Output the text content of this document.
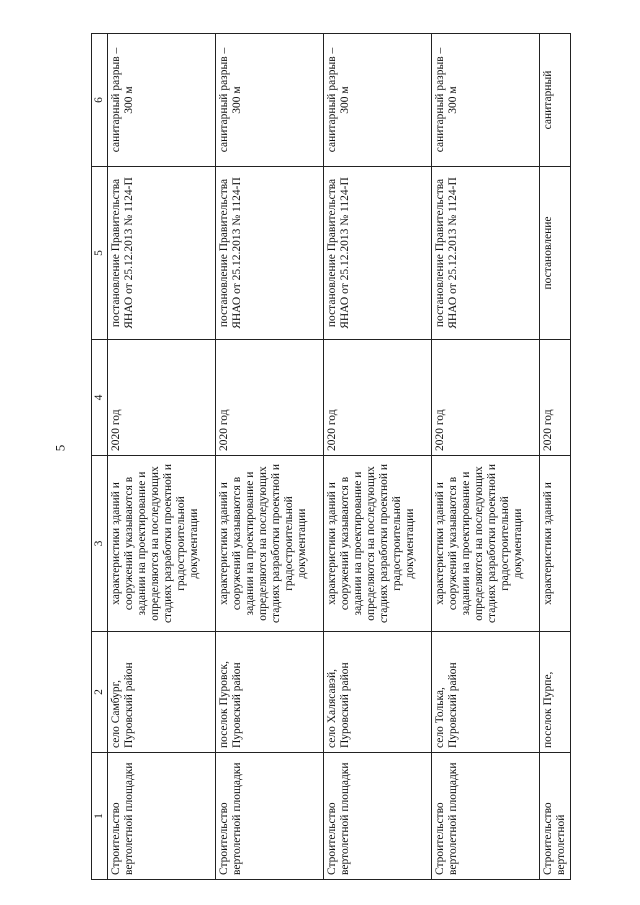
5
1	2	3	4	5	6
Строительство вертолетной площадки	село Самбург, Пуровский район	характеристики зданий и сооружений указываются в задании на проектирование и определяются на последующих стадиях разработки проектной и градостроительной документации	2020 год	постановление Правительства ЯНАО от 25.12.2013 № 1124-П	санитарный разрыв – 300 м
Строительство вертолетной площадки	поселок Пуровск, Пуровский район	характеристики зданий и сооружений указываются в задании на проектирование и определяются на последующих стадиях разработки проектной и градостроительной документации	2020 год	постановление Правительства ЯНАО от 25.12.2013 № 1124-П	санитарный разрыв – 300 м
Строительство вертолетной площадки	село Халясавэй, Пуровский район	характеристики зданий и сооружений указываются в задании на проектирование и определяются на последующих стадиях разработки проектной и градостроительной документации	2020 год	постановление Правительства ЯНАО от 25.12.2013 № 1124-П	санитарный разрыв – 300 м
Строительство вертолетной площадки	село Толька, Пуровский район	характеристики зданий и сооружений указываются в задании на проектирование и определяются на последующих стадиях разработки проектной и градостроительной документации	2020 год	постановление Правительства ЯНАО от 25.12.2013 № 1124-П	санитарный разрыв – 300 м
Строительство вертолетной	поселок Пурпе,	характеристики зданий и	2020 год	постановление	санитарный
